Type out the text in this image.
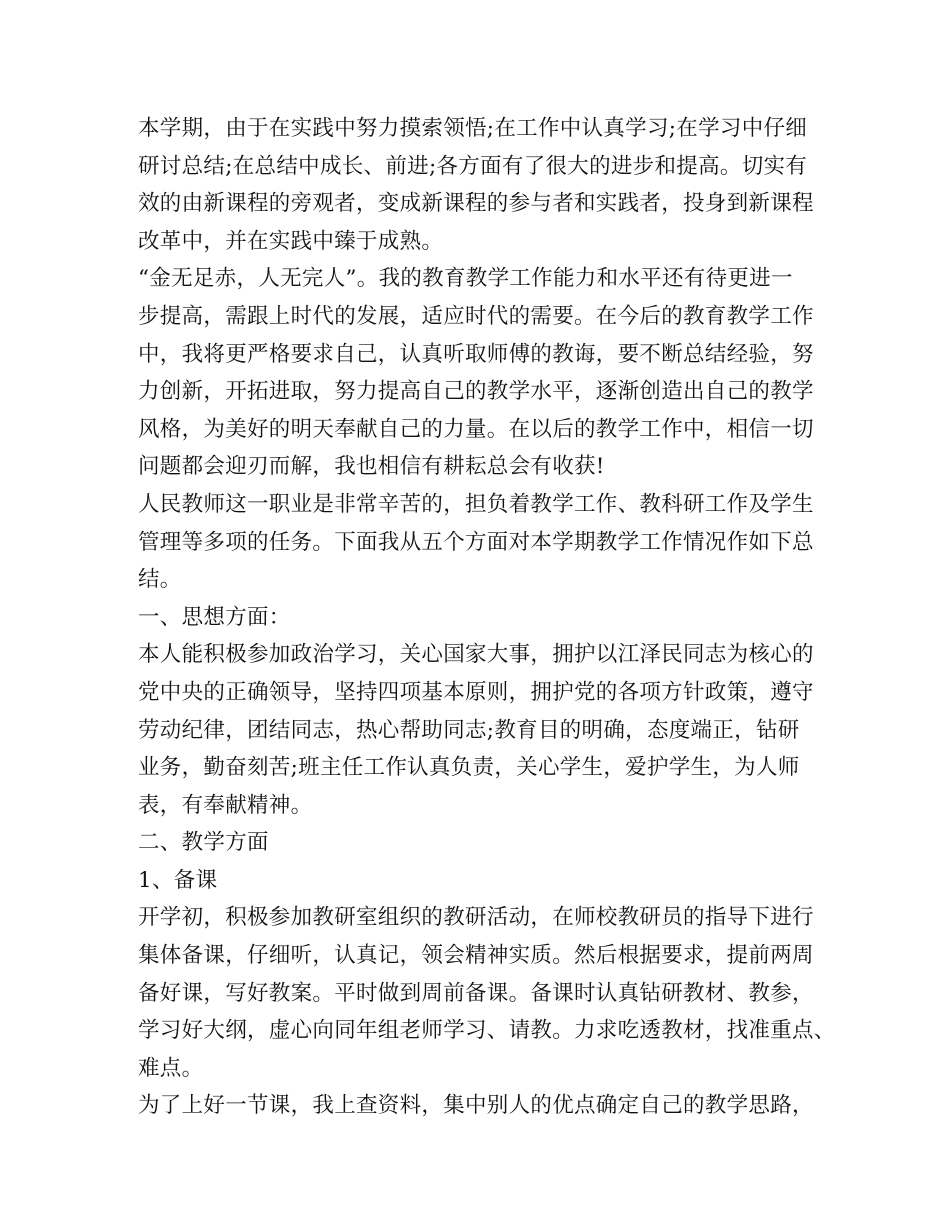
本学期，由于在实践中努力摸索领悟;在工作中认真学习;在学习中仔细
研讨总结;在总结中成长、前进;各方面有了很大的进步和提高。切实有
效的由新课程的旁观者，变成新课程的参与者和实践者，投身到新课程
改革中，并在实践中臻于成熟。
“金无足赤，人无完人”。我的教育教学工作能力和水平还有待更进一
步提高，需跟上时代的发展，适应时代的需要。在今后的教育教学工作
中，我将更严格要求自己，认真听取师傅的教诲，要不断总结经验，努
力创新，开拓进取，努力提高自己的教学水平，逐渐创造出自己的教学
风格，为美好的明天奉献自己的力量。在以后的教学工作中，相信一切
问题都会迎刃而解，我也相信有耕耘总会有收获!
人民教师这一职业是非常辛苦的，担负着教学工作、教科研工作及学生
管理等多项的任务。下面我从五个方面对本学期教学工作情况作如下总
结。
一、思想方面：
本人能积极参加政治学习，关心国家大事，拥护以江泽民同志为核心的
党中央的正确领导，坚持四项基本原则，拥护党的各项方针政策，遵守
劳动纪律，团结同志，热心帮助同志;教育目的明确，态度端正，钻研
业务，勤奋刻苦;班主任工作认真负责，关心学生，爱护学生，为人师
表，有奉献精神。
二、教学方面
1、备课
开学初，积极参加教研室组织的教研活动，在师校教研员的指导下进行
集体备课，仔细听，认真记，领会精神实质。然后根据要求，提前两周
备好课，写好教案。平时做到周前备课。备课时认真钻研教材、教参，
学习好大纲，虚心向同年组老师学习、请教。力求吃透教材，找准重点、
难点。
为了上好一节课，我上查资料，集中别人的优点确定自己的教学思路，
